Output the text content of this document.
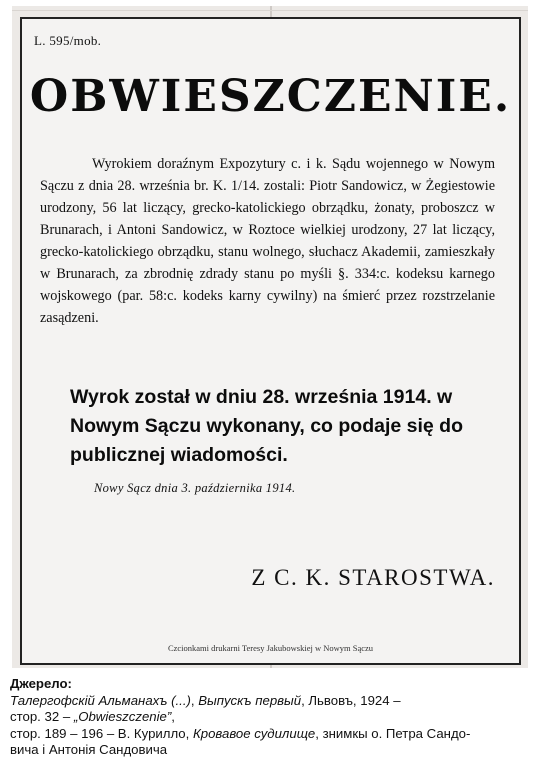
L. 595/mob.
OBWIESZCZENIE.

Wyrokiem doraźnym Expozytury c. i k. Sądu wojennego w Nowym Sączu z dnia 28. września br. K. 1/14. zostali: Piotr Sandowicz, w Żegiestowie urodzony, 56 lat liczący, grecko-katolickiego obrządku, żonaty, proboszcz w Brunarach, i Antoni Sandowicz, w Roztoce wielkiej urodzony, 27 lat liczący, grecko-katolickiego obrządku, stanu wolnego, słuchacz Akademii, zamieszkały w Brunarach, za zbrodnię zdrady stanu po myśli §. 334:c. kodeksu karnego wojskowego (par. 58:c. kodeks karny cywilny) na śmierć przez rozstrzelanie zasądzeni.

Wyrok został w dniu 28. września 1914. w Nowym Sączu wykonany, co podaje się do publicznej wiadomości.
Nowy Sącz dnia 3. października 1914.
Z C. K. STAROSTWA.
Czcionkami drukarni Teresy Jakubowskiej w Nowym Sączu
Джерело:
Талергофскій Альманахъ (...), Выпускъ первый, Львовъ, 1924 –
стор. 32 – „Obwieszczenie”,
стор. 189 – 196 – В. Курилло, Кровавое судилище, знимкы о. Петра Сандо-
вича і Антонія Сандовича
